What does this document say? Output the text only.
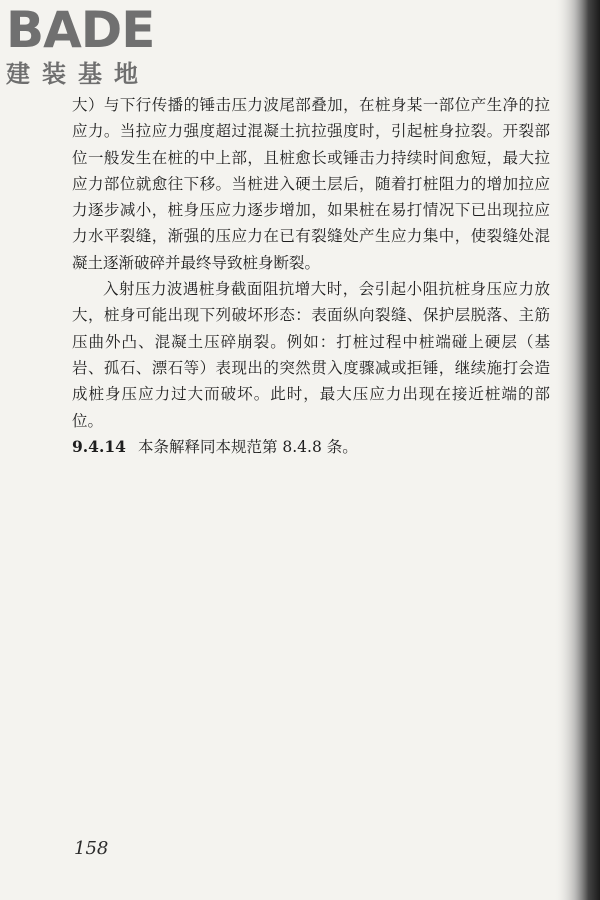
BADE
建装基地

大）与下行传播的锤击压力波尾部叠加，在桩身某一部位产生净的拉应力。当拉应力强度超过混凝土抗拉强度时，引起桩身拉裂。开裂部位一般发生在桩的中上部，且桩愈长或锤击力持续时间愈短，最大拉应力部位就愈往下移。当桩进入硬土层后，随着打桩阻力的增加拉应力逐步减小，桩身压应力逐步增加，如果桩在易打情况下已出现拉应力水平裂缝，渐强的压应力在已有裂缝处产生应力集中，使裂缝处混凝土逐渐破碎并最终导致桩身断裂。

入射压力波遇桩身截面阻抗增大时，会引起小阻抗桩身压应力放大，桩身可能出现下列破坏形态：表面纵向裂缝、保护层脱落、主筋压曲外凸、混凝土压碎崩裂。例如：打桩过程中桩端碰上硬层（基岩、孤石、漂石等）表现出的突然贯入度骤减或拒锤，继续施打会造成桩身压应力过大而破坏。此时，最大压应力出现在接近桩端的部位。

9.4.14 本条解释同本规范第 8.4.8 条。

158
